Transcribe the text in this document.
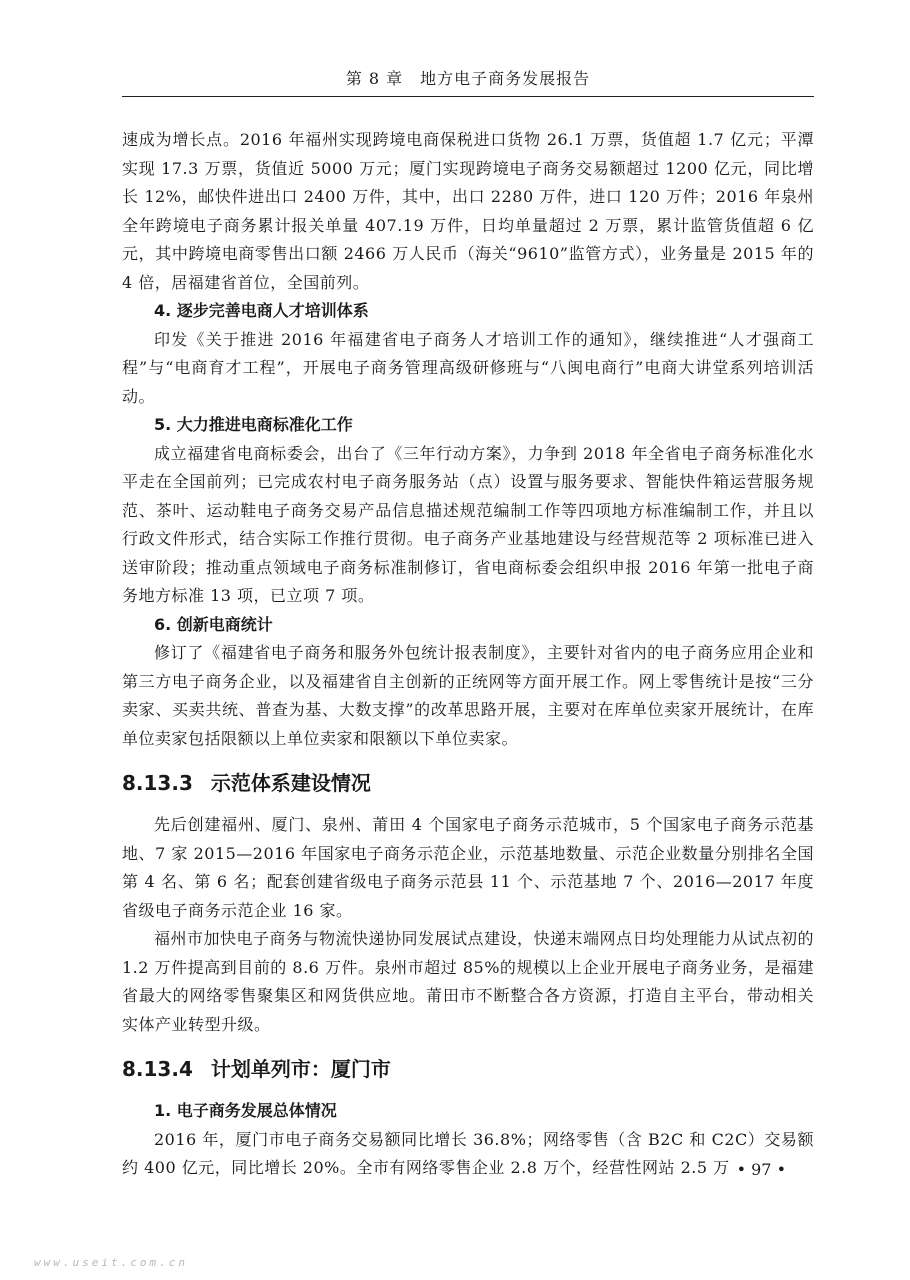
第 8 章　地方电子商务发展报告

速成为增长点。2016 年福州实现跨境电商保税进口货物 26.1 万票，货值超 1.7 亿元；平潭实现 17.3 万票，货值近 5000 万元；厦门实现跨境电子商务交易额超过 1200 亿元，同比增长 12%，邮快件进出口 2400 万件，其中，出口 2280 万件，进口 120 万件；2016 年泉州全年跨境电子商务累计报关单量 407.19 万件，日均单量超过 2 万票，累计监管货值超 6 亿元，其中跨境电商零售出口额 2466 万人民币（海关“9610”监管方式），业务量是 2015 年的 4 倍，居福建省首位，全国前列。

4. 逐步完善电商人才培训体系

印发《关于推进 2016 年福建省电子商务人才培训工作的通知》，继续推进“人才强商工程”与“电商育才工程”，开展电子商务管理高级研修班与“八闽电商行”电商大讲堂系列培训活动。

5. 大力推进电商标准化工作

成立福建省电商标委会，出台了《三年行动方案》，力争到 2018 年全省电子商务标准化水平走在全国前列；已完成农村电子商务服务站（点）设置与服务要求、智能快件箱运营服务规范、茶叶、运动鞋电子商务交易产品信息描述规范编制工作等四项地方标准编制工作，并且以行政文件形式，结合实际工作推行贯彻。电子商务产业基地建设与经营规范等 2 项标准已进入送审阶段；推动重点领域电子商务标准制修订，省电商标委会组织申报 2016 年第一批电子商务地方标准 13 项，已立项 7 项。

6. 创新电商统计

修订了《福建省电子商务和服务外包统计报表制度》，主要针对省内的电子商务应用企业和第三方电子商务企业，以及福建省自主创新的正统网等方面开展工作。网上零售统计是按“三分卖家、买卖共统、普查为基、大数支撑”的改革思路开展，主要对在库单位卖家开展统计，在库单位卖家包括限额以上单位卖家和限额以下单位卖家。

8.13.3 示范体系建设情况

先后创建福州、厦门、泉州、莆田 4 个国家电子商务示范城市，5 个国家电子商务示范基地、7 家 2015—2016 年国家电子商务示范企业，示范基地数量、示范企业数量分别排名全国第 4 名、第 6 名；配套创建省级电子商务示范县 11 个、示范基地 7 个、2016—2017 年度省级电子商务示范企业 16 家。

福州市加快电子商务与物流快递协同发展试点建设，快递末端网点日均处理能力从试点初的 1.2 万件提高到目前的 8.6 万件。泉州市超过 85%的规模以上企业开展电子商务业务，是福建省最大的网络零售聚集区和网货供应地。莆田市不断整合各方资源，打造自主平台，带动相关实体产业转型升级。

8.13.4 计划单列市：厦门市

1. 电子商务发展总体情况

2016 年，厦门市电子商务交易额同比增长 36.8%；网络零售（含 B2C 和 C2C）交易额约 400 亿元，同比增长 20%。全市有网络零售企业 2.8 万个，经营性网站 2.5 万 • 97 •
www.useit.com.cn
